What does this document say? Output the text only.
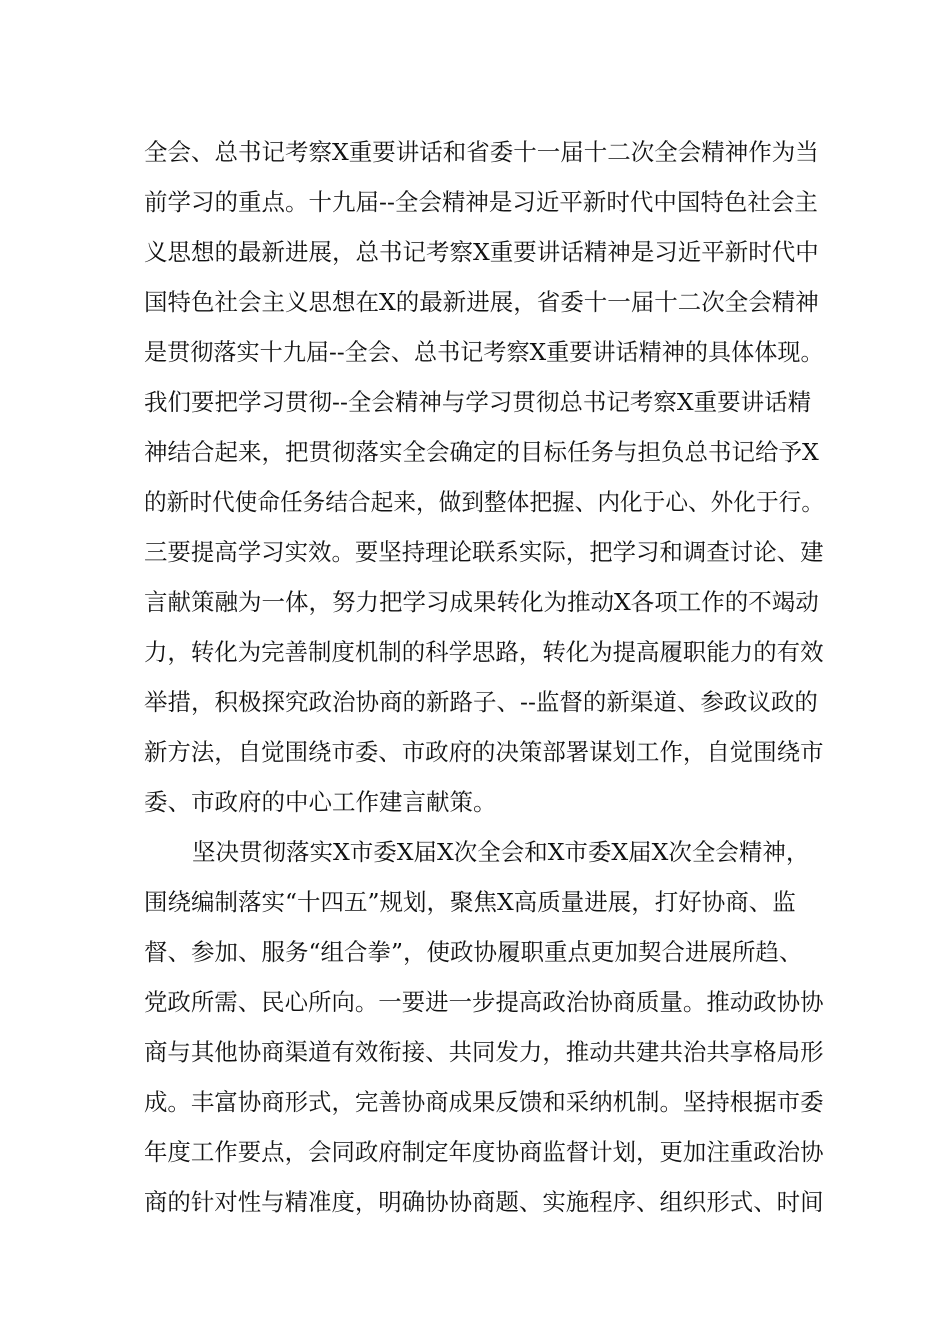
全会、总书记考察X重要讲话和省委十一届十二次全会精神作为当
前学习的重点。十九届--全会精神是习近平新时代中国特色社会主
义思想的最新进展，总书记考察X重要讲话精神是习近平新时代中
国特色社会主义思想在X的最新进展，省委十一届十二次全会精神
是贯彻落实十九届--全会、总书记考察X重要讲话精神的具体体现。
我们要把学习贯彻--全会精神与学习贯彻总书记考察X重要讲话精
神结合起来，把贯彻落实全会确定的目标任务与担负总书记给予X
的新时代使命任务结合起来，做到整体把握、内化于心、外化于行。
三要提高学习实效。要坚持理论联系实际，把学习和调查讨论、建
言献策融为一体，努力把学习成果转化为推动X各项工作的不竭动
力，转化为完善制度机制的科学思路，转化为提高履职能力的有效
举措，积极探究政治协商的新路子、--监督的新渠道、参政议政的
新方法，自觉围绕市委、市政府的决策部署谋划工作，自觉围绕市
委、市政府的中心工作建言献策。
坚决贯彻落实X市委X届X次全会和X市委X届X次全会精神，
围绕编制落实“十四五”规划，聚焦X高质量进展，打好协商、监
督、参加、服务“组合拳”，使政协履职重点更加契合进展所趋、
党政所需、民心所向。一要进一步提高政治协商质量。推动政协协
商与其他协商渠道有效衔接、共同发力，推动共建共治共享格局形
成。丰富协商形式，完善协商成果反馈和采纳机制。坚持根据市委
年度工作要点，会同政府制定年度协商监督计划，更加注重政治协
商的针对性与精准度，明确协协商题、实施程序、组织形式、时间
